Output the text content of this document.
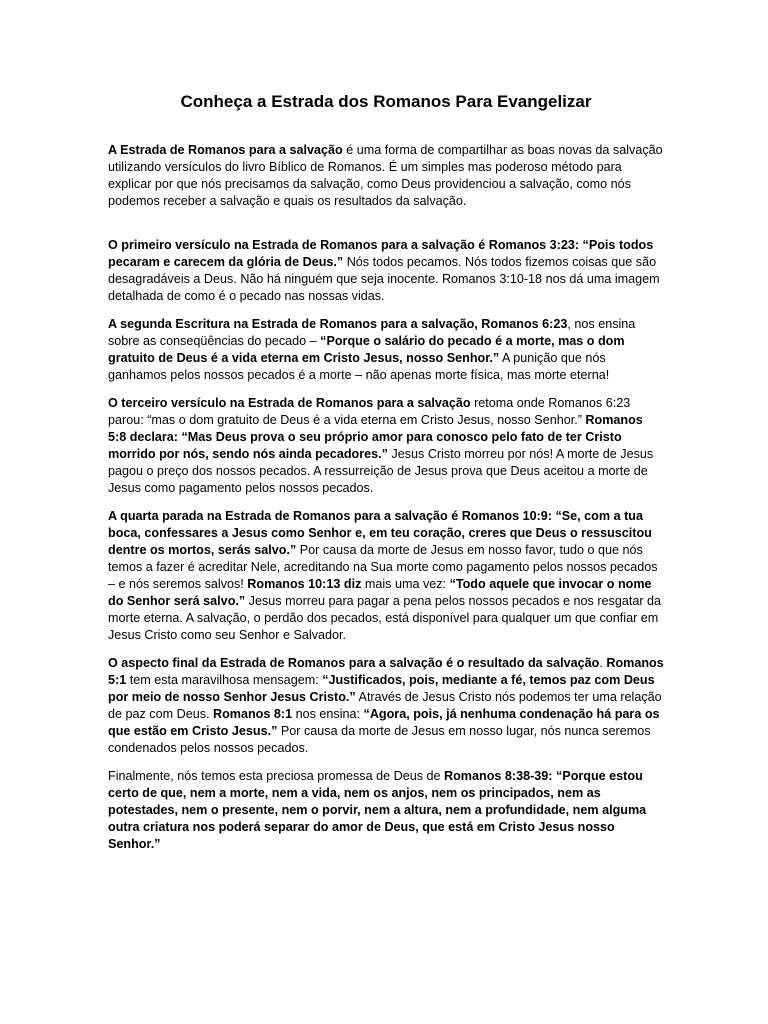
Conheça a Estrada dos Romanos Para Evangelizar

A Estrada de Romanos para a salvação é uma forma de compartilhar as boas novas da salvação utilizando versículos do livro Bíblico de Romanos. É um simples mas poderoso método para explicar por que nós precisamos da salvação, como Deus providenciou a salvação, como nós podemos receber a salvação e quais os resultados da salvação.

O primeiro versículo na Estrada de Romanos para a salvação é Romanos 3:23: “Pois todos pecaram e carecem da glória de Deus.” Nós todos pecamos. Nós todos fizemos coisas que são desagradáveis a Deus. Não há ninguém que seja inocente. Romanos 3:10-18 nos dá uma imagem detalhada de como é o pecado nas nossas vidas.

A segunda Escritura na Estrada de Romanos para a salvação, Romanos 6:23, nos ensina sobre as conseqüências do pecado – “Porque o salário do pecado é a morte, mas o dom gratuito de Deus é a vida eterna em Cristo Jesus, nosso Senhor.” A punição que nós ganhamos pelos nossos pecados é a morte – não apenas morte física, mas morte eterna!

O terceiro versículo na Estrada de Romanos para a salvação retoma onde Romanos 6:23 parou: “mas o dom gratuito de Deus é a vida eterna em Cristo Jesus, nosso Senhor.” Romanos 5:8 declara: “Mas Deus prova o seu próprio amor para conosco pelo fato de ter Cristo morrido por nós, sendo nós ainda pecadores.” Jesus Cristo morreu por nós! A morte de Jesus pagou o preço dos nossos pecados. A ressurreição de Jesus prova que Deus aceitou a morte de Jesus como pagamento pelos nossos pecados.

A quarta parada na Estrada de Romanos para a salvação é Romanos 10:9: “Se, com a tua boca, confessares a Jesus como Senhor e, em teu coração, creres que Deus o ressuscitou dentre os mortos, serás salvo.” Por causa da morte de Jesus em nosso favor, tudo o que nós temos a fazer é acreditar Nele, acreditando na Sua morte como pagamento pelos nossos pecados – e nós seremos salvos! Romanos 10:13 diz mais uma vez: “Todo aquele que invocar o nome do Senhor será salvo.” Jesus morreu para pagar a pena pelos nossos pecados e nos resgatar da morte eterna. A salvação, o perdão dos pecados, está disponível para qualquer um que confiar em Jesus Cristo como seu Senhor e Salvador.

O aspecto final da Estrada de Romanos para a salvação é o resultado da salvação. Romanos 5:1 tem esta maravilhosa mensagem: “Justificados, pois, mediante a fé, temos paz com Deus por meio de nosso Senhor Jesus Cristo.” Através de Jesus Cristo nós podemos ter uma relação de paz com Deus. Romanos 8:1 nos ensina: “Agora, pois, já nenhuma condenação há para os que estão em Cristo Jesus.” Por causa da morte de Jesus em nosso lugar, nós nunca seremos condenados pelos nossos pecados.

Finalmente, nós temos esta preciosa promessa de Deus de Romanos 8:38-39: “Porque estou certo de que, nem a morte, nem a vida, nem os anjos, nem os principados, nem as potestades, nem o presente, nem o porvir, nem a altura, nem a profundidade, nem alguma outra criatura nos poderá separar do amor de Deus, que está em Cristo Jesus nosso Senhor.”
